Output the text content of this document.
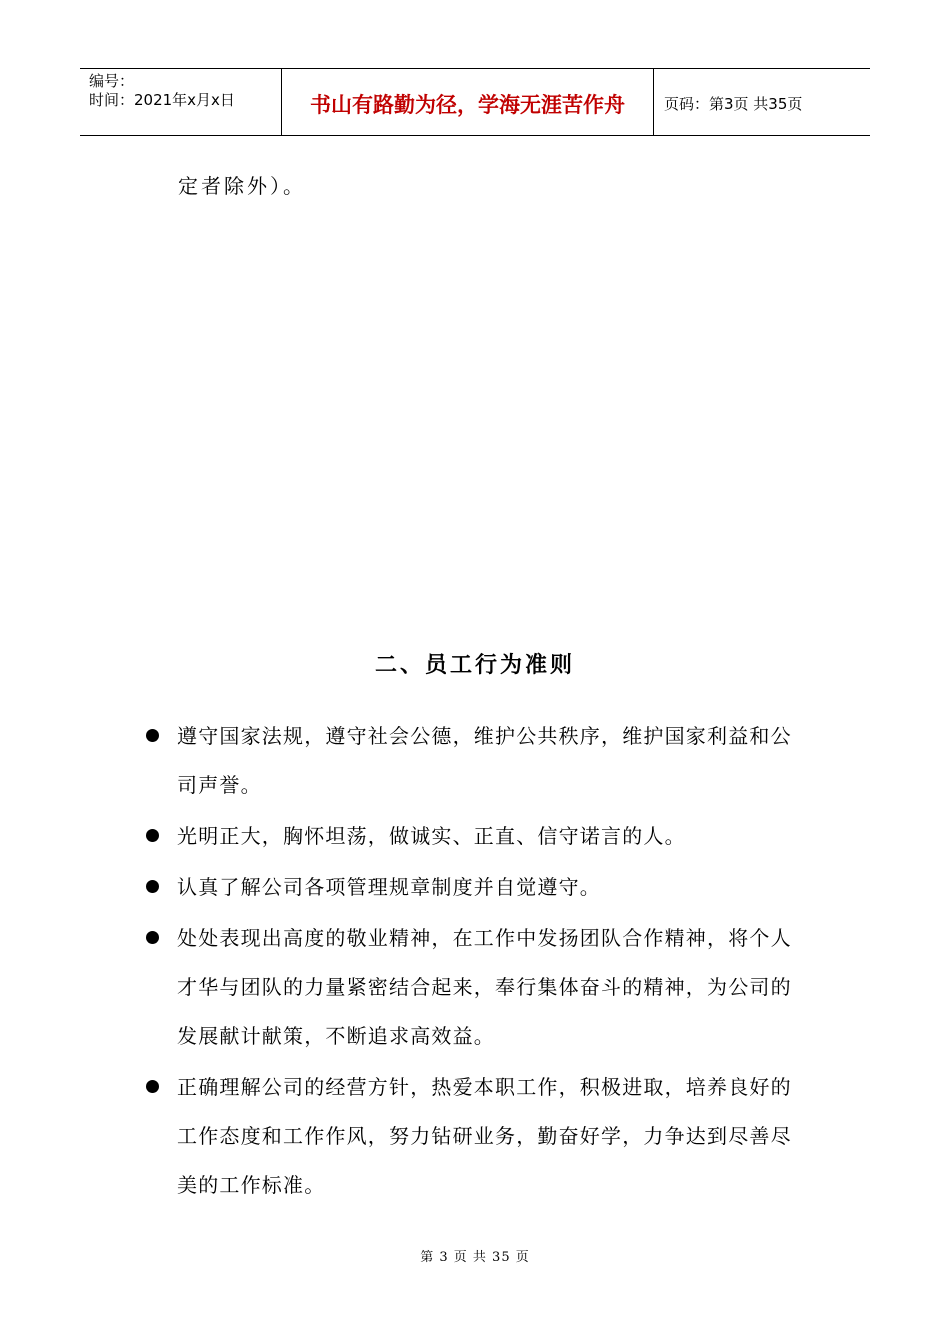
编号：
时间：2021年x月x日	书山有路勤为径，学海无涯苦作舟	页码：第3页 共35页
定者除外）。
二、员工行为准则
遵守国家法规，遵守社会公德，维护公共秩序，维护国家利益和公司声誉。
光明正大，胸怀坦荡，做诚实、正直、信守诺言的人。
认真了解公司各项管理规章制度并自觉遵守。
处处表现出高度的敬业精神，在工作中发扬团队合作精神，将个人才华与团队的力量紧密结合起来，奉行集体奋斗的精神，为公司的发展献计献策，不断追求高效益。
正确理解公司的经营方针，热爱本职工作，积极进取，培养良好的工作态度和工作作风，努力钻研业务，勤奋好学，力争达到尽善尽美的工作标准。
第 3 页 共 35 页
